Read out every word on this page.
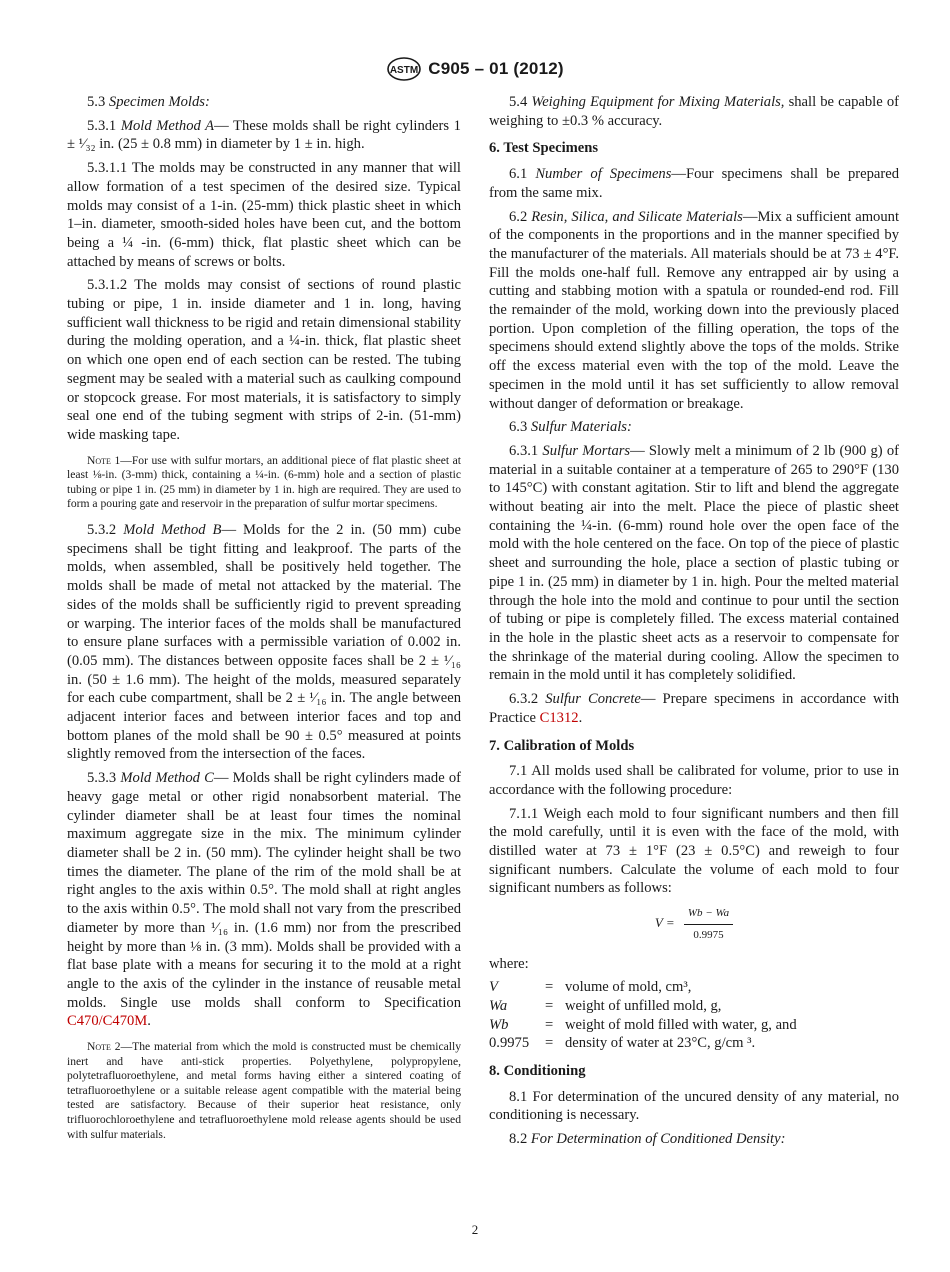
ASTM C905 – 01 (2012)

5.3 Specimen Molds:

5.3.1 Mold Method A— These molds shall be right cylinders 1 ± ¹⁄₃₂ in. (25 ± 0.8 mm) in diameter by 1 ± in. high.

5.3.1.1 The molds may be constructed in any manner that will allow formation of a test specimen of the desired size. Typical molds may consist of a 1-in. (25-mm) thick plastic sheet in which 1–in. diameter, smooth-sided holes have been cut, and the bottom being a ¼ -in. (6-mm) thick, flat plastic sheet which can be attached by means of screws or bolts.

5.3.1.2 The molds may consist of sections of round plastic tubing or pipe, 1 in. inside diameter and 1 in. long, having sufficient wall thickness to be rigid and retain dimensional stability during the molding operation, and a ¼-in. thick, flat plastic sheet on which one open end of each section can be rested. The tubing segment may be sealed with a material such as caulking compound or stopcock grease. For most materials, it is satisfactory to simply seal one end of the tubing segment with strips of 2-in. (51-mm) wide masking tape.

Note 1—For use with sulfur mortars, an additional piece of flat plastic sheet at least ⅛-in. (3-mm) thick, containing a ¼-in. (6-mm) hole and a section of plastic tubing or pipe 1 in. (25 mm) in diameter by 1 in. high are required. They are used to form a pouring gate and reservoir in the preparation of sulfur mortar specimens.

5.3.2 Mold Method B— Molds for the 2 in. (50 mm) cube specimens shall be tight fitting and leakproof. The parts of the molds, when assembled, shall be positively held together. The molds shall be made of metal not attacked by the material. The sides of the molds shall be sufficiently rigid to prevent spreading or warping. The interior faces of the molds shall be manufactured to ensure plane surfaces with a permissible variation of 0.002 in. (0.05 mm). The distances between opposite faces shall be 2 ± ¹⁄₁₆ in. (50 ± 1.6 mm). The height of the molds, measured separately for each cube compartment, shall be 2 ± ¹⁄₁₆ in. The angle between adjacent interior faces and between interior faces and top and bottom planes of the mold shall be 90 ± 0.5° measured at points slightly removed from the intersection of the faces.

5.3.3 Mold Method C— Molds shall be right cylinders made of heavy gage metal or other rigid nonabsorbent material. The cylinder diameter shall be at least four times the nominal maximum aggregate size in the mix. The minimum cylinder diameter shall be 2 in. (50 mm). The cylinder height shall be two times the diameter. The plane of the rim of the mold shall be at right angles to the axis within 0.5°. The mold shall at right angles to the axis within 0.5°. The mold shall not vary from the prescribed diameter by more than ¹⁄₁₆ in. (1.6 mm) nor from the prescribed height by more than ⅛ in. (3 mm). Molds shall be provided with a flat base plate with a means for securing it to the mold at a right angle to the axis of the cylinder in the instance of reusable metal molds. Single use molds shall conform to Specification C470/C470M.

Note 2—The material from which the mold is constructed must be chemically inert and have anti-stick properties. Polyethylene, polypropylene, polytetrafluoroethylene, and metal forms having either a sintered coating of tetrafluoroethylene or a suitable release agent compatible with the material being tested are satisfactory. Because of their superior heat resistance, only trifluorochloroethylene and tetrafluoroethylene mold release agents should be used with sulfur materials.

5.4 Weighing Equipment for Mixing Materials, shall be capable of weighing to ±0.3 % accuracy.

6. Test Specimens

6.1 Number of Specimens—Four specimens shall be prepared from the same mix.

6.2 Resin, Silica, and Silicate Materials—Mix a sufficient amount of the components in the proportions and in the manner specified by the manufacturer of the materials. All materials should be at 73 ± 4°F. Fill the molds one-half full. Remove any entrapped air by using a cutting and stabbing motion with a spatula or rounded-end rod. Fill the remainder of the mold, working down into the previously placed portion. Upon completion of the filling operation, the tops of the specimens should extend slightly above the tops of the molds. Strike off the excess material even with the top of the mold. Leave the specimen in the mold until it has set sufficiently to allow removal without danger of deformation or breakage.

6.3 Sulfur Materials:

6.3.1 Sulfur Mortars— Slowly melt a minimum of 2 lb (900 g) of material in a suitable container at a temperature of 265 to 290°F (130 to 145°C) with constant agitation. Stir to lift and blend the aggregate without beating air into the melt. Place the piece of plastic sheet containing the ¼-in. (6-mm) round hole over the open face of the mold with the hole centered on the face. On top of the piece of plastic sheet and surrounding the hole, place a section of plastic tubing or pipe 1 in. (25 mm) in diameter by 1 in. high. Pour the melted material through the hole into the mold and continue to pour until the section of tubing or pipe is completely filled. The excess material contained in the hole in the plastic sheet acts as a reservoir to compensate for the shrinkage of the material during cooling. Allow the specimen to remain in the mold until it has completely solidified.

6.3.2 Sulfur Concrete— Prepare specimens in accordance with Practice C1312.

7. Calibration of Molds

7.1 All molds used shall be calibrated for volume, prior to use in accordance with the following procedure:

7.1.1 Weigh each mold to four significant numbers and then fill the mold carefully, until it is even with the face of the mold, with distilled water at 73 ± 1°F (23 ± 0.5°C) and reweigh to four significant numbers. Calculate the volume of each mold to four significant numbers as follows:

$V = \frac{Wb - Wa}{0.9975}$

where:

V	=	volume of mold, cm³,
Wa	=	weight of unfilled mold, g,
Wb	=	weight of mold filled with water, g, and
0.9975	=	density of water at 23°C, g/cm ³.
8. Conditioning

8.1 For determination of the uncured density of any material, no conditioning is necessary.

8.2 For Determination of Conditioned Density:

2
